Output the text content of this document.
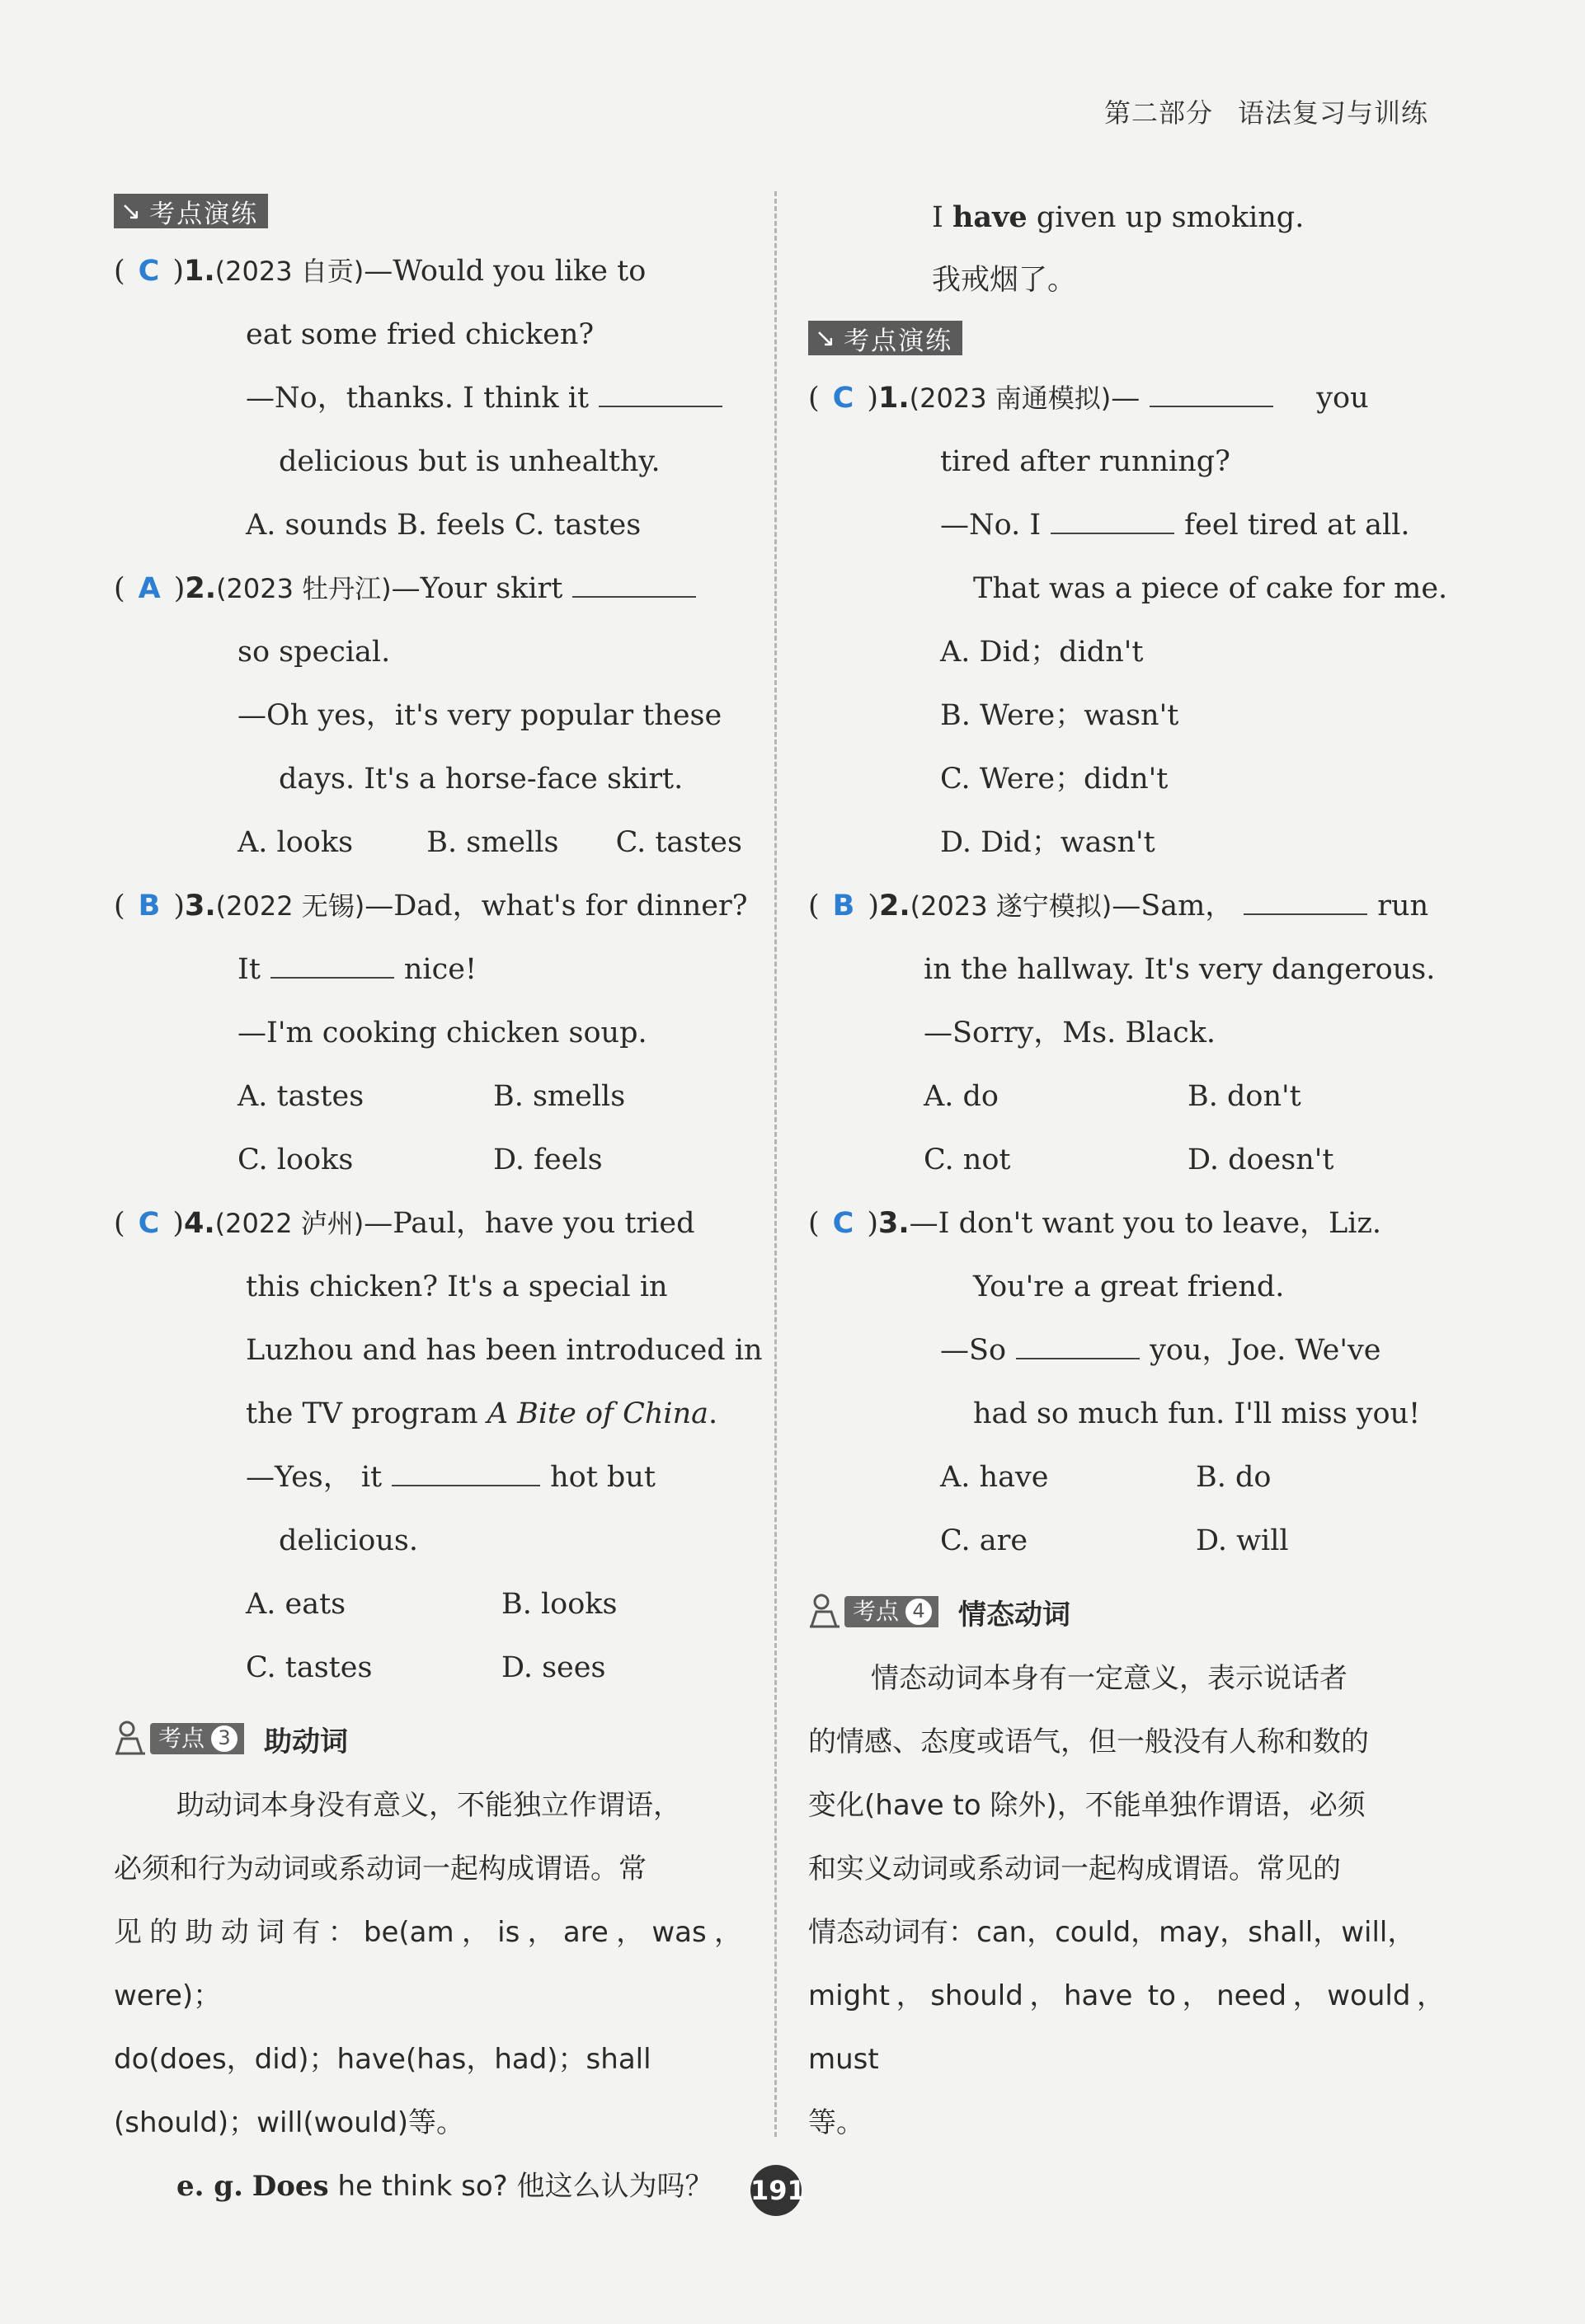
第二部分 语法复习与训练
↘ 考点演练
( C )1.(2023 自贡)—Would you like to
eat some fried chicken?
—No，thanks. I think it
delicious but is unhealthy.
A. sounds B. feels C. tastes
( A )2.(2023 牡丹江)—Your skirt
so special.
—Oh yes，it's very popular these
days. It's a horse-face skirt.
A. looks	B. smells	C. tastes
( B )3.(2022 无锡)—Dad，what's for dinner?
It	nice!
—I'm cooking chicken soup.
A. tastes	B. smells
C. looks	D. feels
( C )4.(2022 泸州)—Paul，have you tried
this chicken? It's a special in
Luzhou and has been introduced in
the TV program A Bite of China.
—Yes， it	hot but
delicious.
A. eats	B. looks
C. tastes	D. sees
考点 3	助动词
助动词本身没有意义，不能独立作谓语，
必须和行为动词或系动词一起构成谓语。常
见的助动词有：be(am，is，are，was，were)；
do(does，did)；have(has，had)；shall
(should)；will(would)等。
e. g. Does he think so? 他这么认为吗？
I have given up smoking.
我戒烟了。
↘ 考点演练
( C )1.(2023 南通模拟)—	you
tired after running?
—No. I	feel tired at all.
That was a piece of cake for me.
A. Did；didn't
B. Were；wasn't
C. Were；didn't
D. Did；wasn't
( B )2.(2023 遂宁模拟)—Sam，	run
in the hallway. It's very dangerous.
—Sorry，Ms. Black.
A. do	B. don't
C. not	D. doesn't
( C )3.—I don't want you to leave，Liz.
You're a great friend.
—So	you，Joe. We've
had so much fun. I'll miss you!
A. have	B. do
C. are	D. will
考点 4	情态动词
情态动词本身有一定意义，表示说话者
的情感、态度或语气，但一般没有人称和数的
变化(have to 除外)，不能单独作谓语，必须
和实义动词或系动词一起构成谓语。常见的
情态动词有：can，could，may，shall，will，
might，should，have to，need，would，must
等。
191
